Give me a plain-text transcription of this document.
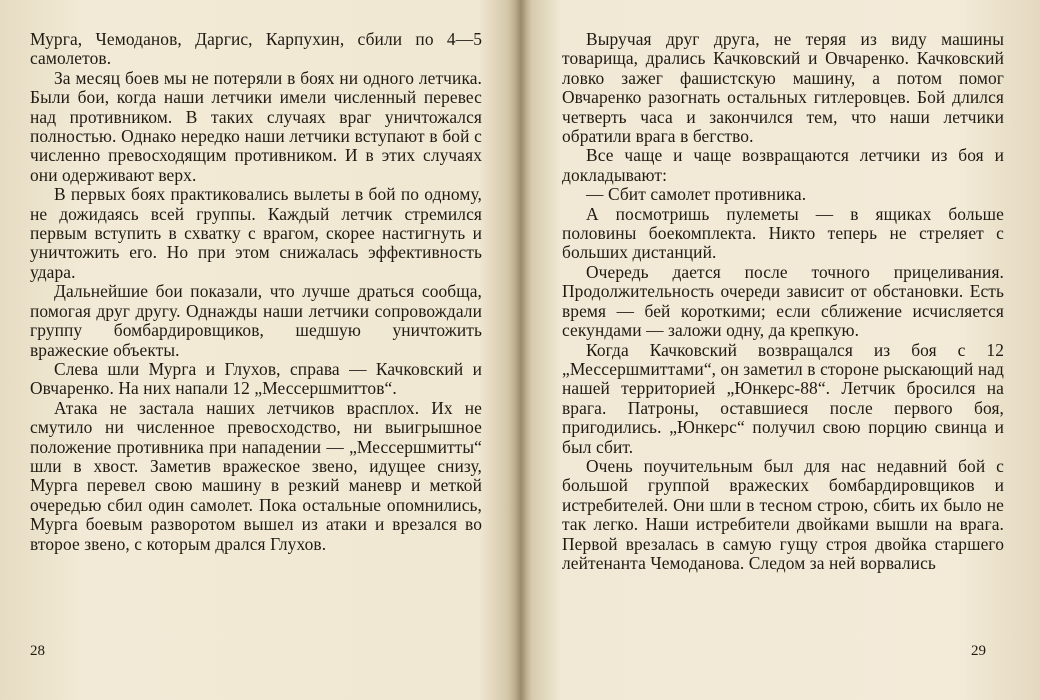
Мурга, Чемоданов, Даргис, Карпухин, сбили по 4—5 самолетов.

За месяц боев мы не потеряли в боях ни одного летчика. Были бои, когда наши летчики имели численный перевес над противником. В таких случаях враг уничтожался полностью. Однако нередко наши летчики вступают в бой с численно превосходящим противником. И в этих случаях они одерживают верх.

В первых боях практиковались вылеты в бой по одному, не дожидаясь всей группы. Каждый летчик стремился первым вступить в схватку с врагом, скорее настигнуть и уничтожить его. Но при этом снижалась эффективность удара.

Дальнейшие бои показали, что лучше драться сообща, помогая друг другу. Однажды наши летчики сопровождали группу бомбардировщиков, шедшую уничтожить вражеские объекты.

Слева шли Мурга и Глухов, справа — Качковский и Овчаренко. На них напали 12 „Мессершмиттов“.

Атака не застала наших летчиков врасплох. Их не смутило ни численное превосходство, ни выигрышное положение противника при нападении — „Мессершмитты“ шли в хвост. Заметив вражеское звено, идущее снизу, Мурга перевел свою машину в резкий маневр и меткой очередью сбил один самолет. Пока остальные опомнились, Мурга боевым разворотом вышел из атаки и врезался во второе звено, с которым дрался Глухов.

28

Выручая друг друга, не теряя из виду машины товарища, дрались Качковский и Овчаренко. Качковский ловко зажег фашистскую машину, а потом помог Овчаренко разогнать остальных гитлеровцев. Бой длился четверть часа и закончился тем, что наши летчики обратили врага в бегство.

Все чаще и чаще возвращаются летчики из боя и докладывают:

— Сбит самолет противника.

А посмотришь пулеметы — в ящиках больше половины боекомплекта. Никто теперь не стреляет с больших дистанций.

Очередь дается после точного прицеливания. Продолжительность очереди зависит от обстановки. Есть время — бей короткими; если сближение исчисляется секундами — заложи одну, да крепкую.

Когда Качковский возвращался из боя с 12 „Мессершмиттами“, он заметил в стороне рыскающий над нашей территорией „Юнкерс-88“. Летчик бросился на врага. Патроны, оставшиеся после первого боя, пригодились. „Юнкерс“ получил свою порцию свинца и был сбит.

Очень поучительным был для нас недавний бой с большой группой вражеских бомбардировщиков и истребителей. Они шли в тесном строю, сбить их было не так легко. Наши истребители двойками вышли на врага. Первой врезалась в самую гущу строя двойка старшего лейтенанта Чемоданова. Следом за ней ворвались

29
